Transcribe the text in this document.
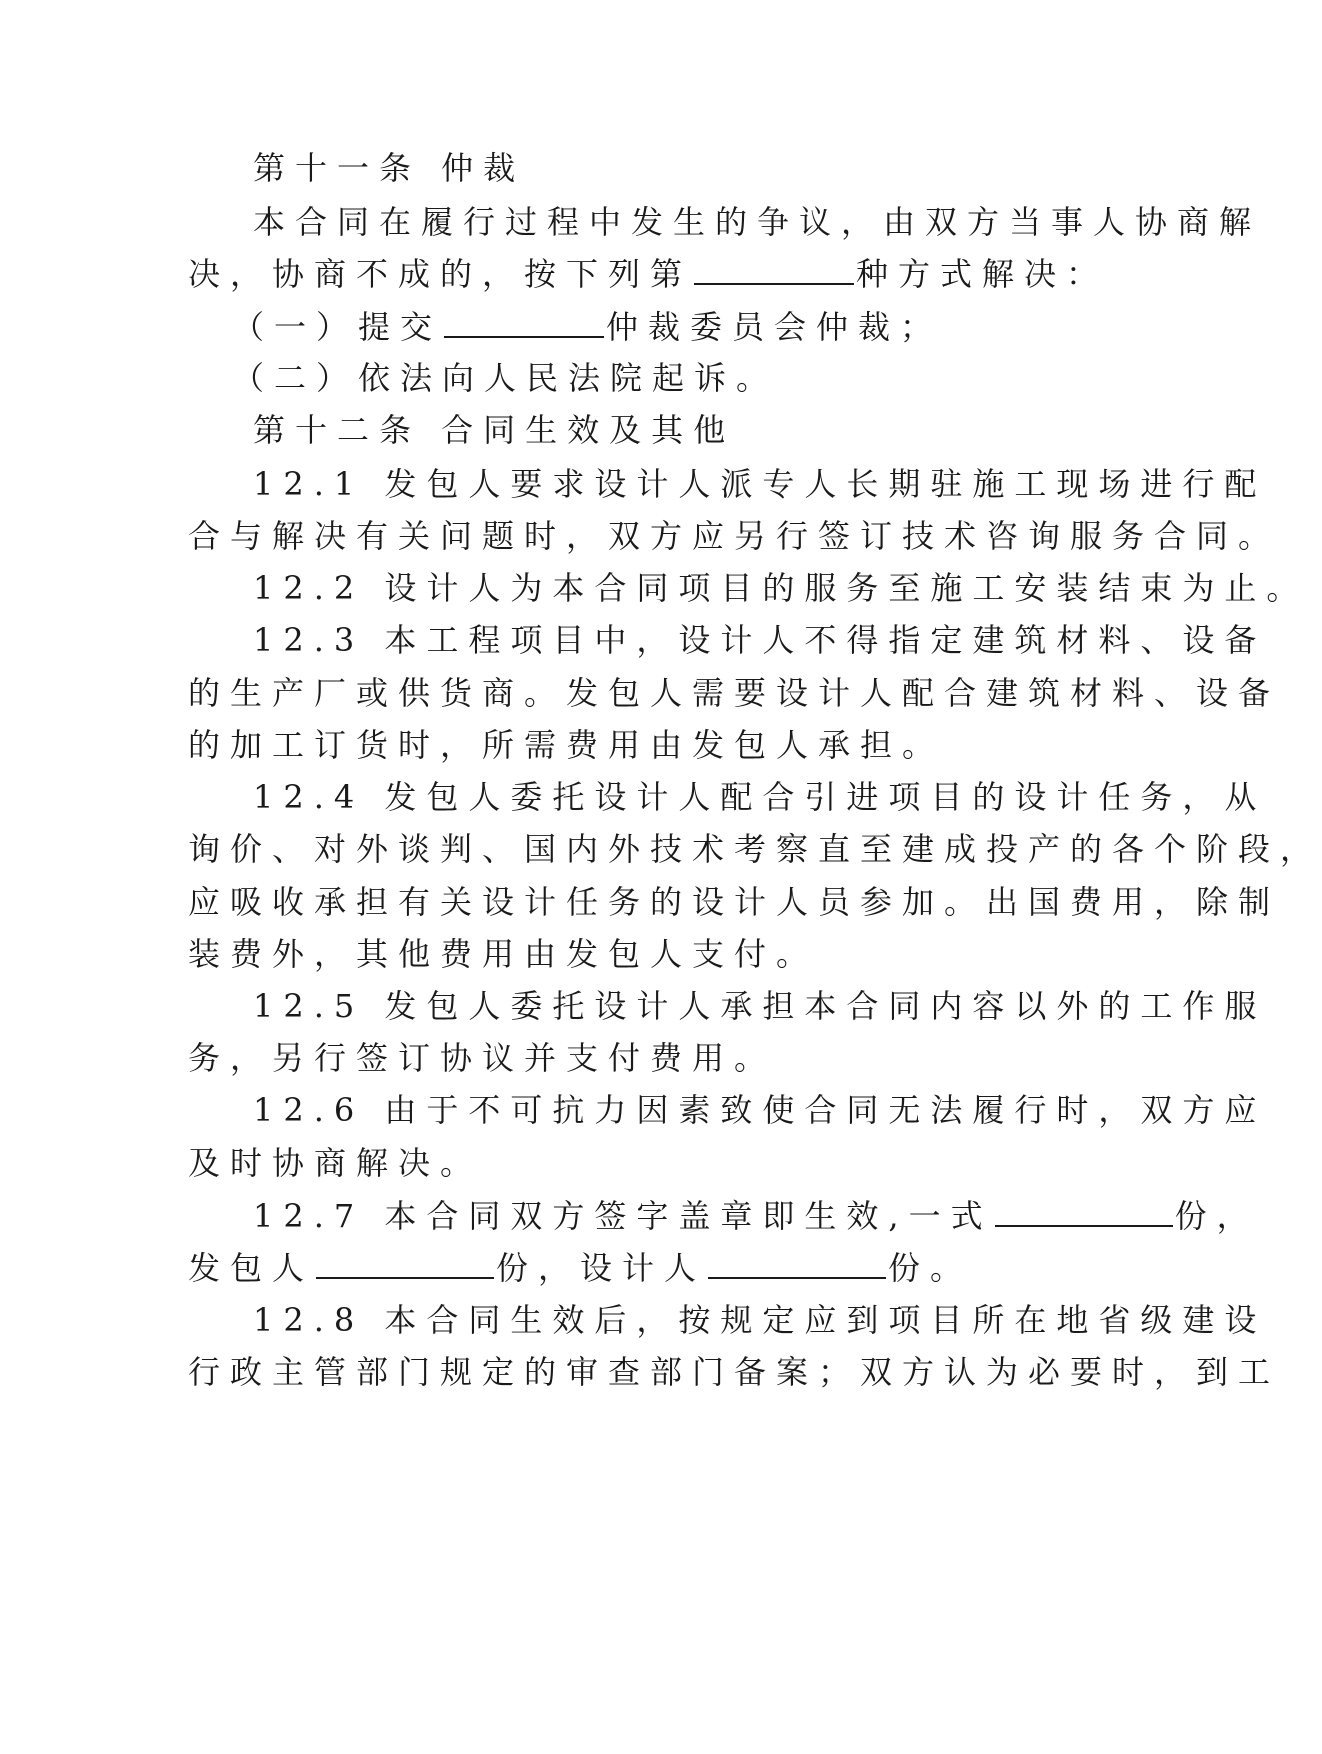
第十一条 仲裁
本合同在履行过程中发生的争议，由双方当事人协商解
决，协商不成的，按下列第	种方式解决：
（一）提交	仲裁委员会仲裁；
（二）依法向人民法院起诉。
第十二条 合同生效及其他
12.1 发包人要求设计人派专人长期驻施工现场进行配
合与解决有关问题时，双方应另行签订技术咨询服务合同。
12.2 设计人为本合同项目的服务至施工安装结束为止。
12.3 本工程项目中，设计人不得指定建筑材料、设备
的生产厂或供货商。发包人需要设计人配合建筑材料、设备
的加工订货时，所需费用由发包人承担。
12.4 发包人委托设计人配合引进项目的设计任务，从
询价、对外谈判、国内外技术考察直至建成投产的各个阶段，
应吸收承担有关设计任务的设计人员参加。出国费用，除制
装费外，其他费用由发包人支付。
12.5 发包人委托设计人承担本合同内容以外的工作服
务，另行签订协议并支付费用。
12.6 由于不可抗力因素致使合同无法履行时，双方应
及时协商解决。
12.7 本合同双方签字盖章即生效,一式	份，
发包人	份，设计人	份。
12.8 本合同生效后，按规定应到项目所在地省级建设
行政主管部门规定的审查部门备案；双方认为必要时，到工
